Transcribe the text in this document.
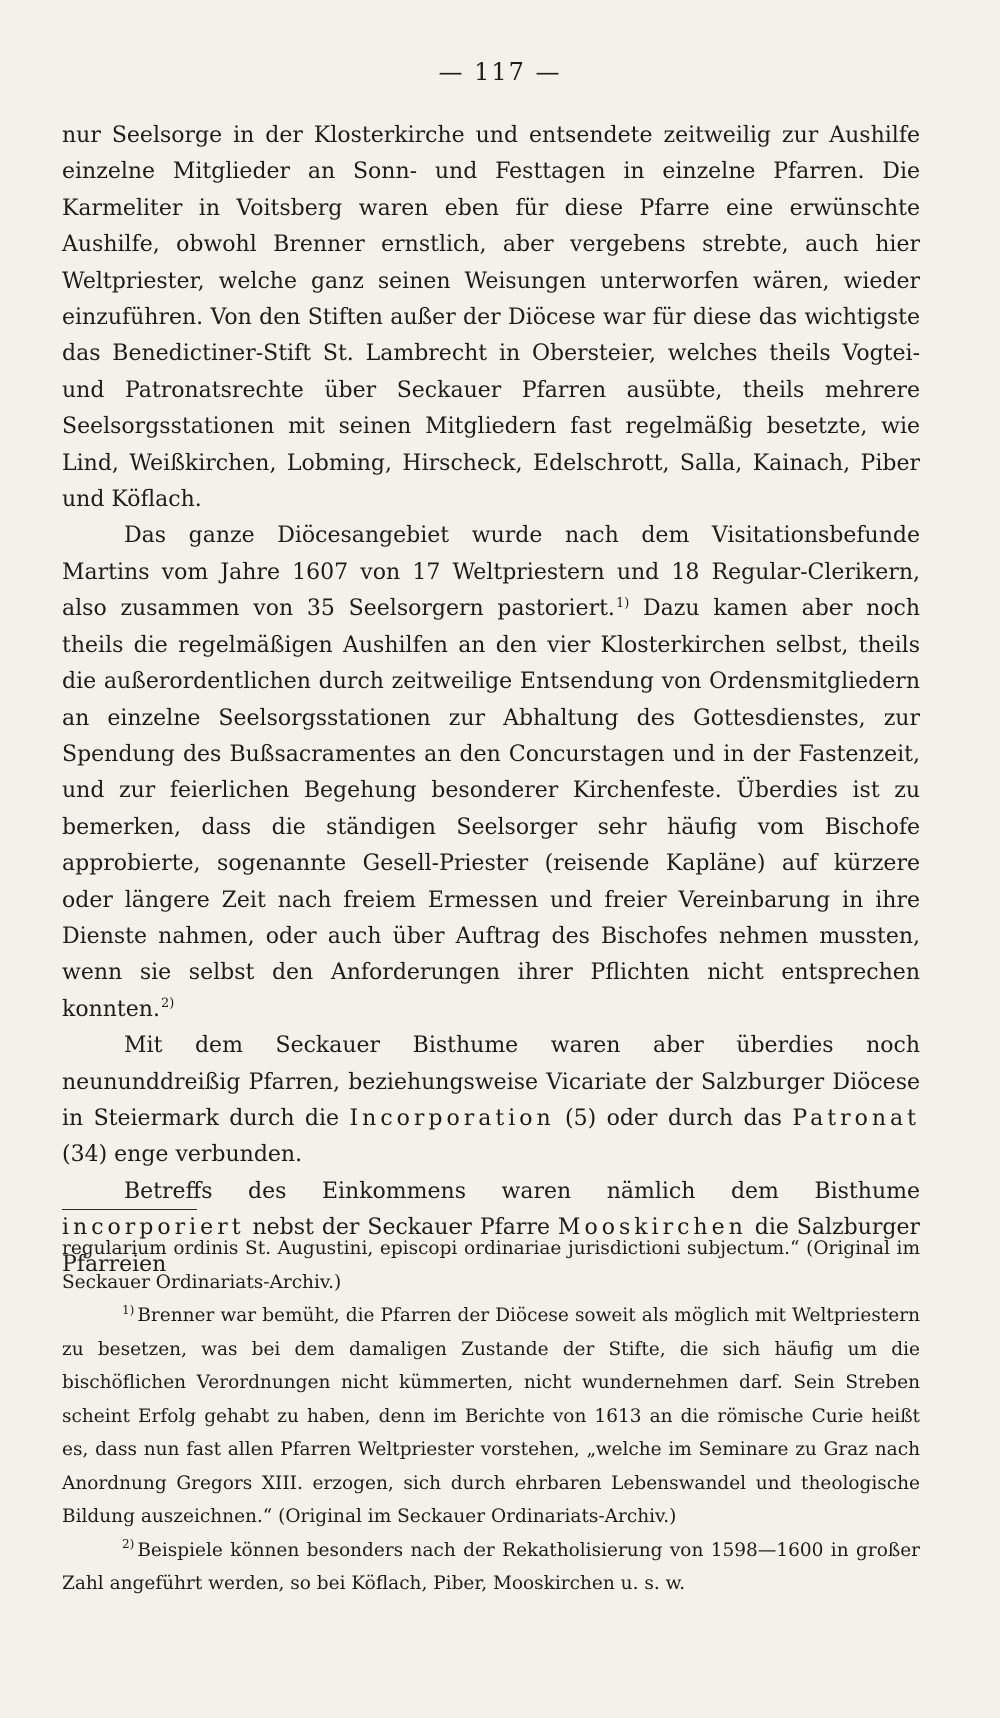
— 117 —

nur Seelsorge in der Klosterkirche und entsendete zeitweilig zur Aushilfe einzelne Mitglieder an Sonn- und Festtagen in einzelne Pfarren. Die Karmeliter in Voitsberg waren eben für diese Pfarre eine erwünschte Aushilfe, obwohl Brenner ernstlich, aber vergebens strebte, auch hier Weltpriester, welche ganz seinen Weisungen unterworfen wären, wieder einzuführen. Von den Stiften außer der Diöcese war für diese das wichtigste das Benedictiner-Stift St. Lambrecht in Obersteier, welches theils Vogtei- und Patronatsrechte über Seckauer Pfarren ausübte, theils mehrere Seelsorgsstationen mit seinen Mitgliedern fast regelmäßig besetzte, wie Lind, Weißkirchen, Lobming, Hirscheck, Edelschrott, Salla, Kainach, Piber und Köflach.

Das ganze Diöcesangebiet wurde nach dem Visitationsbefunde Martins vom Jahre 1607 von 17 Weltpriestern und 18 Regular-Clerikern, also zusammen von 35 Seelsorgern pastoriert.$^{1)}$ Dazu kamen aber noch theils die regelmäßigen Aushilfen an den vier Klosterkirchen selbst, theils die außerordentlichen durch zeitweilige Entsendung von Ordensmitgliedern an einzelne Seelsorgsstationen zur Abhaltung des Gottesdienstes, zur Spendung des Bußsacramentes an den Concurstagen und in der Fastenzeit, und zur feierlichen Begehung besonderer Kirchenfeste. Überdies ist zu bemerken, dass die ständigen Seelsorger sehr häufig vom Bischofe approbierte, sogenannte Gesell-Priester (reisende Kapläne) auf kürzere oder längere Zeit nach freiem Ermessen und freier Vereinbarung in ihre Dienste nahmen, oder auch über Auftrag des Bischofes nehmen mussten, wenn sie selbst den Anforderungen ihrer Pflichten nicht entsprechen konnten.$^{2)}$

Mit dem Seckauer Bisthume waren aber überdies noch neununddreißig Pfarren, beziehungsweise Vicariate der Salzburger Diöcese in Steiermark durch die Incorporation (5) oder durch das Patronat (34) enge verbunden.

Betreffs des Einkommens waren nämlich dem Bisthume incorporiert nebst der Seckauer Pfarre Mooskirchen die Salzburger Pfarreien

regularium ordinis St. Augustini, episcopi ordinariae jurisdictioni subjectum.“ (Original im Seckauer Ordinariats-Archiv.)

$^{1)}$ Brenner war bemüht, die Pfarren der Diöcese soweit als möglich mit Weltpriestern zu besetzen, was bei dem damaligen Zustande der Stifte, die sich häufig um die bischöflichen Verordnungen nicht kümmerten, nicht wundernehmen darf. Sein Streben scheint Erfolg gehabt zu haben, denn im Berichte von 1613 an die römische Curie heißt es, dass nun fast allen Pfarren Weltpriester vorstehen, „welche im Seminare zu Graz nach Anordnung Gregors XIII. erzogen, sich durch ehrbaren Lebenswandel und theologische Bildung auszeichnen.“ (Original im Seckauer Ordinariats-Archiv.)

$^{2)}$ Beispiele können besonders nach der Rekatholisierung von 1598—1600 in großer Zahl angeführt werden, so bei Köflach, Piber, Mooskirchen u. s. w.
